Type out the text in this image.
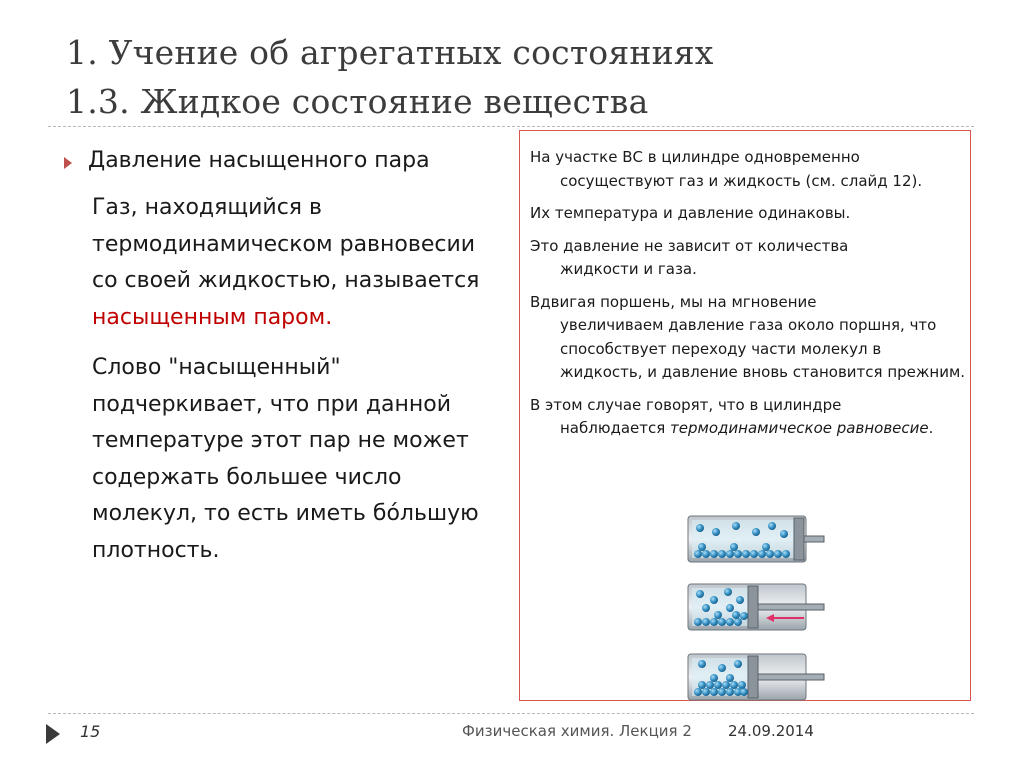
1. Учение об агрегатных состояниях
1.3. Жидкое состояние вещества
Давление насыщенного пара
Газ, находящийся в термодинамическом равновесии со своей жидкостью, называется насыщенным паром.
Слово "насыщенный" подчеркивает, что при данной температуре этот пар не может содержать большее число молекул, то есть иметь бо́льшую плотность.
На участке ВС в цилиндре одновременно
сосуществуют газ и жидкость (см. слайд 12).
Их температура и давление одинаковы.
Это давление не зависит от количества
жидкости и газа.
Вдвигая поршень, мы на мгновение
увеличиваем давление газа около поршня, что способствует переходу части молекул в жидкость, и давление вновь становится прежним.
В этом случае говорят, что в цилиндре
наблюдается термодинамическое равновесие.
15	Физическая химия. Лекция 2 24.09.2014
